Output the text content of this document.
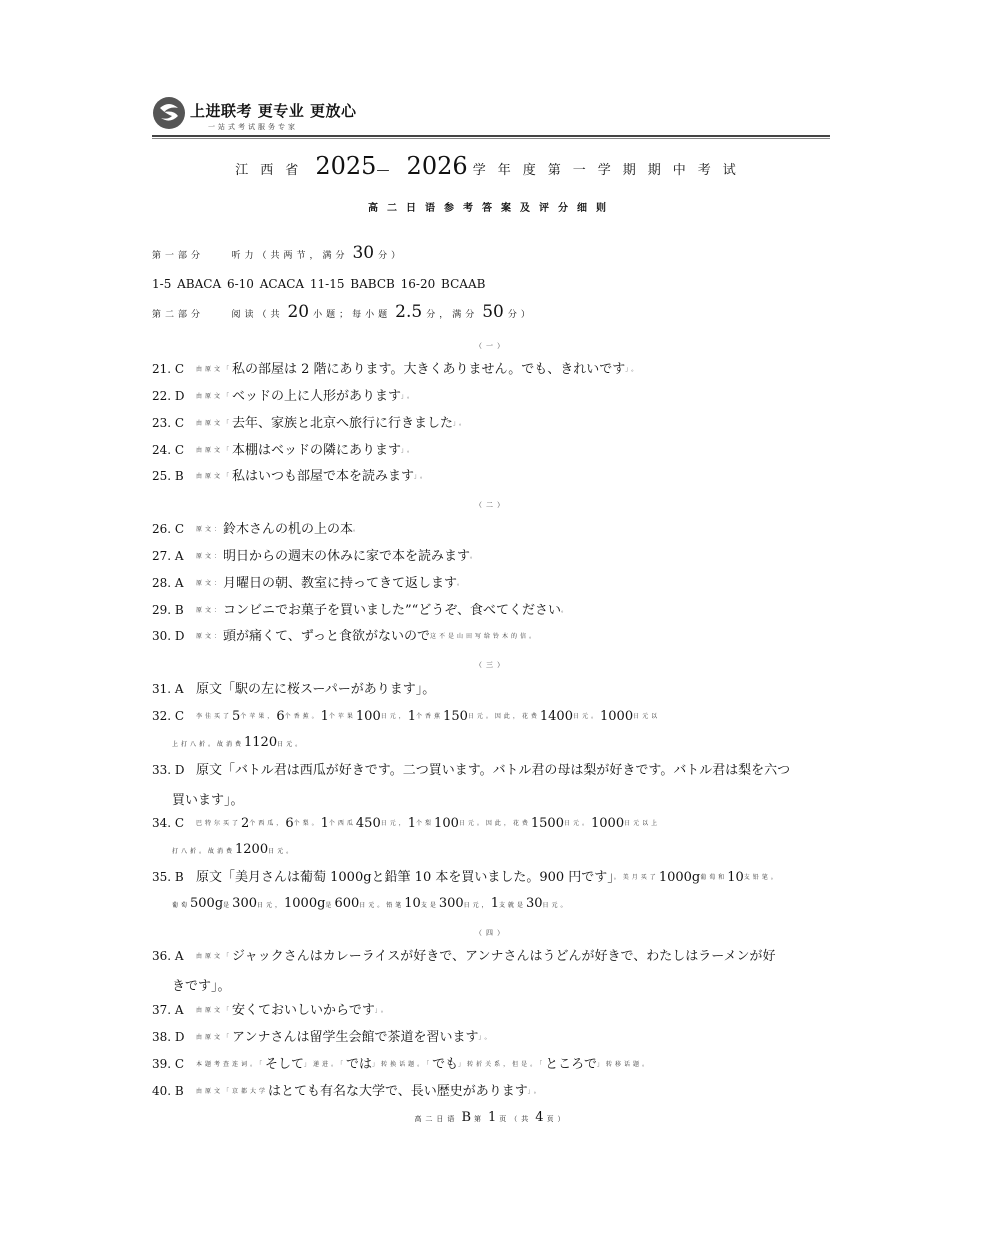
上进联考 更专业 更放心
一站式考试服务专家
江西省 2025— 2026 学年度第一学期期中考试
高二日语参考答案及评分细则
第一部分	听力（共两节，满分 30 分）
1-5 ABACA 6-10 ACACA 11-15 BABCB 16-20 BCAAB
第二部分	阅读（共 20 小题；每小题 2.5 分，满分 50 分）
（一）
21. C 由原文「私の部屋は 2 階にあります。大きくありません。でも、きれいです」。
22. D 由原文「ベッドの上に人形があります」。
23. C 由原文「去年、家族と北京へ旅行に行きました」。
24. C 由原文「本棚はベッドの隣にあります」。
25. B 由原文「私はいつも部屋で本を読みます」。
（二）
26. C 原文：鈴木さんの机の上の本。
27. A 原文：明日からの週末の休みに家で本を読みます。
28. A 原文：月曜日の朝、教室に持ってきて返します。
29. B 原文：コンビニでお菓子を買いました”“どうぞ、食べてください。
30. D 原文：頭が痛くて、ずっと食欲がないので这不是山田写给铃木的信。
（三）
31. A 原文「駅の左に桜スーパーがあります」。
32. C 李佳买了5个苹果，6个香蕉。1个苹果100日元，1个香蕉150日元。因此，花费1400日元。1000日元以
上打八折。故消费1120日元。
33. D 原文「バトル君は西瓜が好きです。二つ買います。バトル君の母は梨が好きです。バトル君は梨を六つ
買います」。
34. C 巴特尔买了2个西瓜，6个梨。1个西瓜450日元，1个梨100日元。因此，花费1500日元。1000日元以上
打八折。故消费1200日元。
35. B 原文「美月さんは葡萄 1000gと鉛筆 10 本を買いました。900 円です」。美月买了1000g葡萄和10支铅笔。
葡萄500g是300日元，1000g是600日元。铅笔10支是300日元，1支就是30日元。
（四）
36. A 由原文「ジャックさんはカレーライスが好きで、アンナさんはうどんが好きで、わたしはラーメンが好
きです」。
37. A 由原文「安くておいしいからです」。
38. D 由原文「アンナさんは留学生会館で茶道を習います」。
39. C 本题考查连词。「そして」递进。「では」转换话题。「でも」转折关系，但是。「ところで」转移话题。
40. B 由原文「京都大学はとても有名な大学で、長い歴史があります」。
高二日语 B 第 1 页（共 4 页）
